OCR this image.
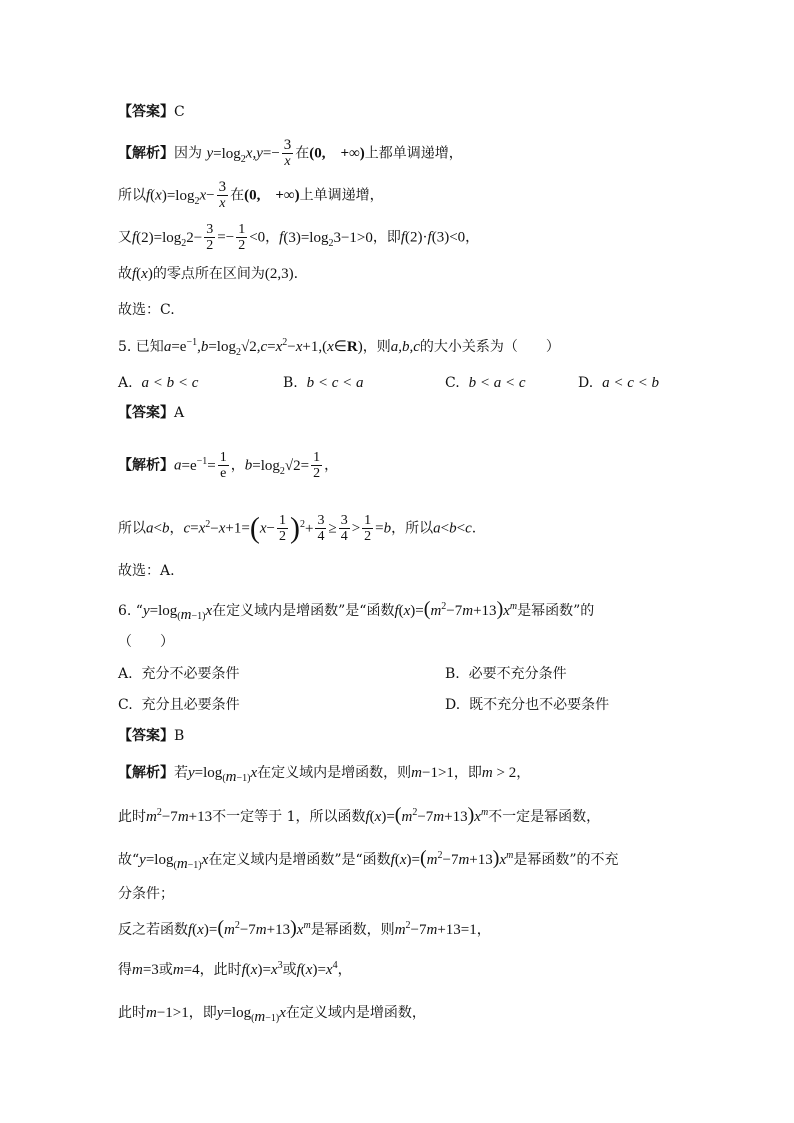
【答案】C
【解析】因为 $y=\log_2x,y=- \frac{3}{x}$ 在(0,　+∞)上都单调递增，
所以$f(x)=\log_2x- \frac{3}{x}$ 在(0,　+∞)上单调递增，
又$f(2)=\log_22- \frac{3}{2} =- \frac{1}{2} <0$，$f(3)=\log_23-1>0$，即f(2)·f(3)<0，
故f(x)的零点所在区间为(2,3).
故选：C.
5. 已知$a=e^{-1},b=\log_2√2,c=x^2-x+1,(x\in R)$，则a,b,c的大小关系为（　　）
A. a < b < c	B. b < c < a	C. b < a < c	D. a < c < b
【答案】A
【解析】$a=e^{-1}= \frac{1}{e}$ ，$b=\log_2√2= \frac{1}{2}$ ，
所以a<b，$c=x^2-x+1=(x- \frac{1}{2} )^2+ \frac{3}{4} \ge \frac{3}{4} > \frac{1}{2} =b$，所以a<b<c.
故选：A.
6. “$y=\log_{(m-1)}x$在定义域内是增函数”是“函数$f(x)=(m^2-7m+13)x^m$是幂函数”的
（　　）
A. 充分不必要条件	B. 必要不充分条件
C. 充分且必要条件	D. 既不充分也不必要条件
【答案】B
【解析】若$y=\log_{(m-1)}x$在定义域内是增函数，则m−1>1，即m > 2，
此时$m^2-7m+13$不一定等于 1，所以函数$f(x)=(m^2-7m+13)x^m$不一定是幂函数，
故“$y=\log_{(m-1)}x$在定义域内是增函数”是“函数$f(x)=(m^2-7m+13)x^m$是幂函数”的不充
分条件；
反之若函数$f(x)=(m^2-7m+13)x^m$是幂函数，则$m^2-7m+13=1$，
得m=3或m=4，此时$f(x)=x^3$或$f(x)=x^4$，
此时m−1>1，即$y=\log_{(m-1)}x$在定义域内是增函数，
